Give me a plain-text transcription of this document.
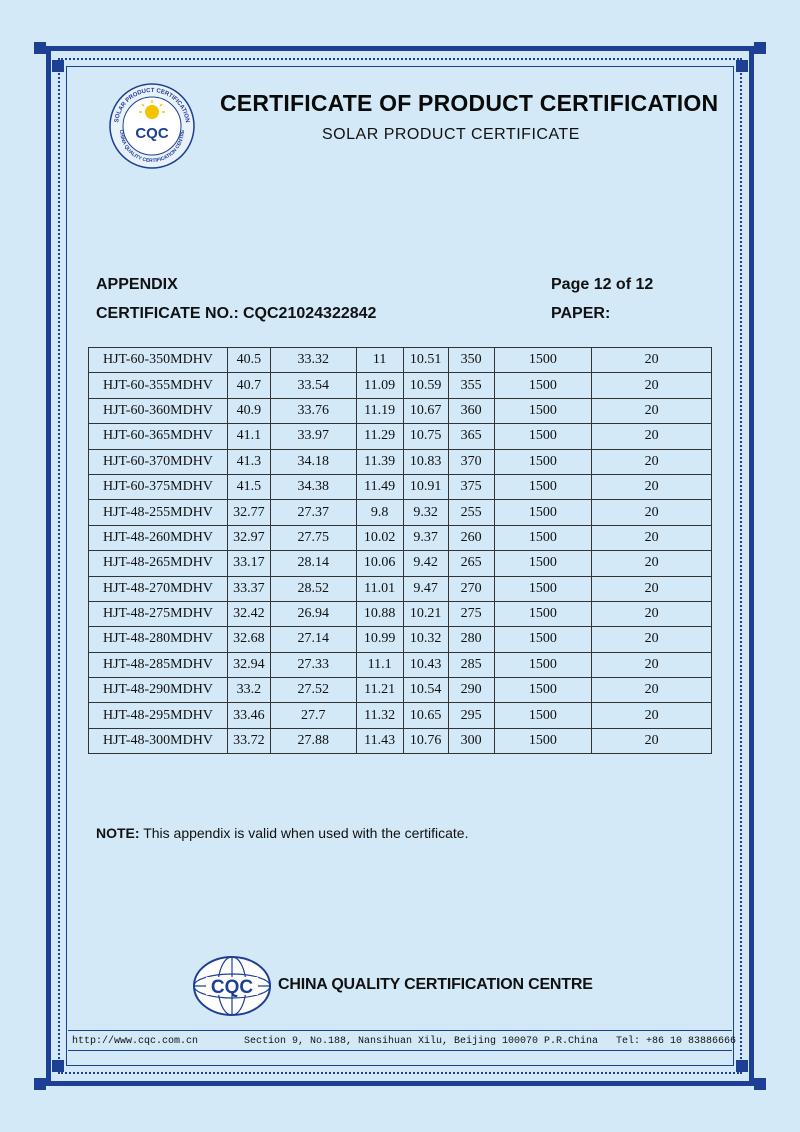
SOLAR PRODUCT CERTIFICATION
CHINA QUALITY CERTIFICATION CENTRE
CQC
CERTIFICATE OF PRODUCT CERTIFICATION
SOLAR PRODUCT CERTIFICATE
APPENDIX	Page 12 of 12
CERTIFICATE NO.: CQC21024322842	PAPER:
HJT-60-350MDHV	40.5	33.32	11	10.51	350	1500	20
HJT-60-355MDHV	40.7	33.54	11.09	10.59	355	1500	20
HJT-60-360MDHV	40.9	33.76	11.19	10.67	360	1500	20
HJT-60-365MDHV	41.1	33.97	11.29	10.75	365	1500	20
HJT-60-370MDHV	41.3	34.18	11.39	10.83	370	1500	20
HJT-60-375MDHV	41.5	34.38	11.49	10.91	375	1500	20
HJT-48-255MDHV	32.77	27.37	9.8	9.32	255	1500	20
HJT-48-260MDHV	32.97	27.75	10.02	9.37	260	1500	20
HJT-48-265MDHV	33.17	28.14	10.06	9.42	265	1500	20
HJT-48-270MDHV	33.37	28.52	11.01	9.47	270	1500	20
HJT-48-275MDHV	32.42	26.94	10.88	10.21	275	1500	20
HJT-48-280MDHV	32.68	27.14	10.99	10.32	280	1500	20
HJT-48-285MDHV	32.94	27.33	11.1	10.43	285	1500	20
HJT-48-290MDHV	33.2	27.52	11.21	10.54	290	1500	20
HJT-48-295MDHV	33.46	27.7	11.32	10.65	295	1500	20
HJT-48-300MDHV	33.72	27.88	11.43	10.76	300	1500	20
NOTE: This appendix is valid when used with the certificate.
CQC CHINA QUALITY CERTIFICATION CENTRE
http://www.cqc.com.cn	Section 9, No.188, Nansihuan Xilu, Beijing 100070 P.R.China Tel: +86 10 83886666
